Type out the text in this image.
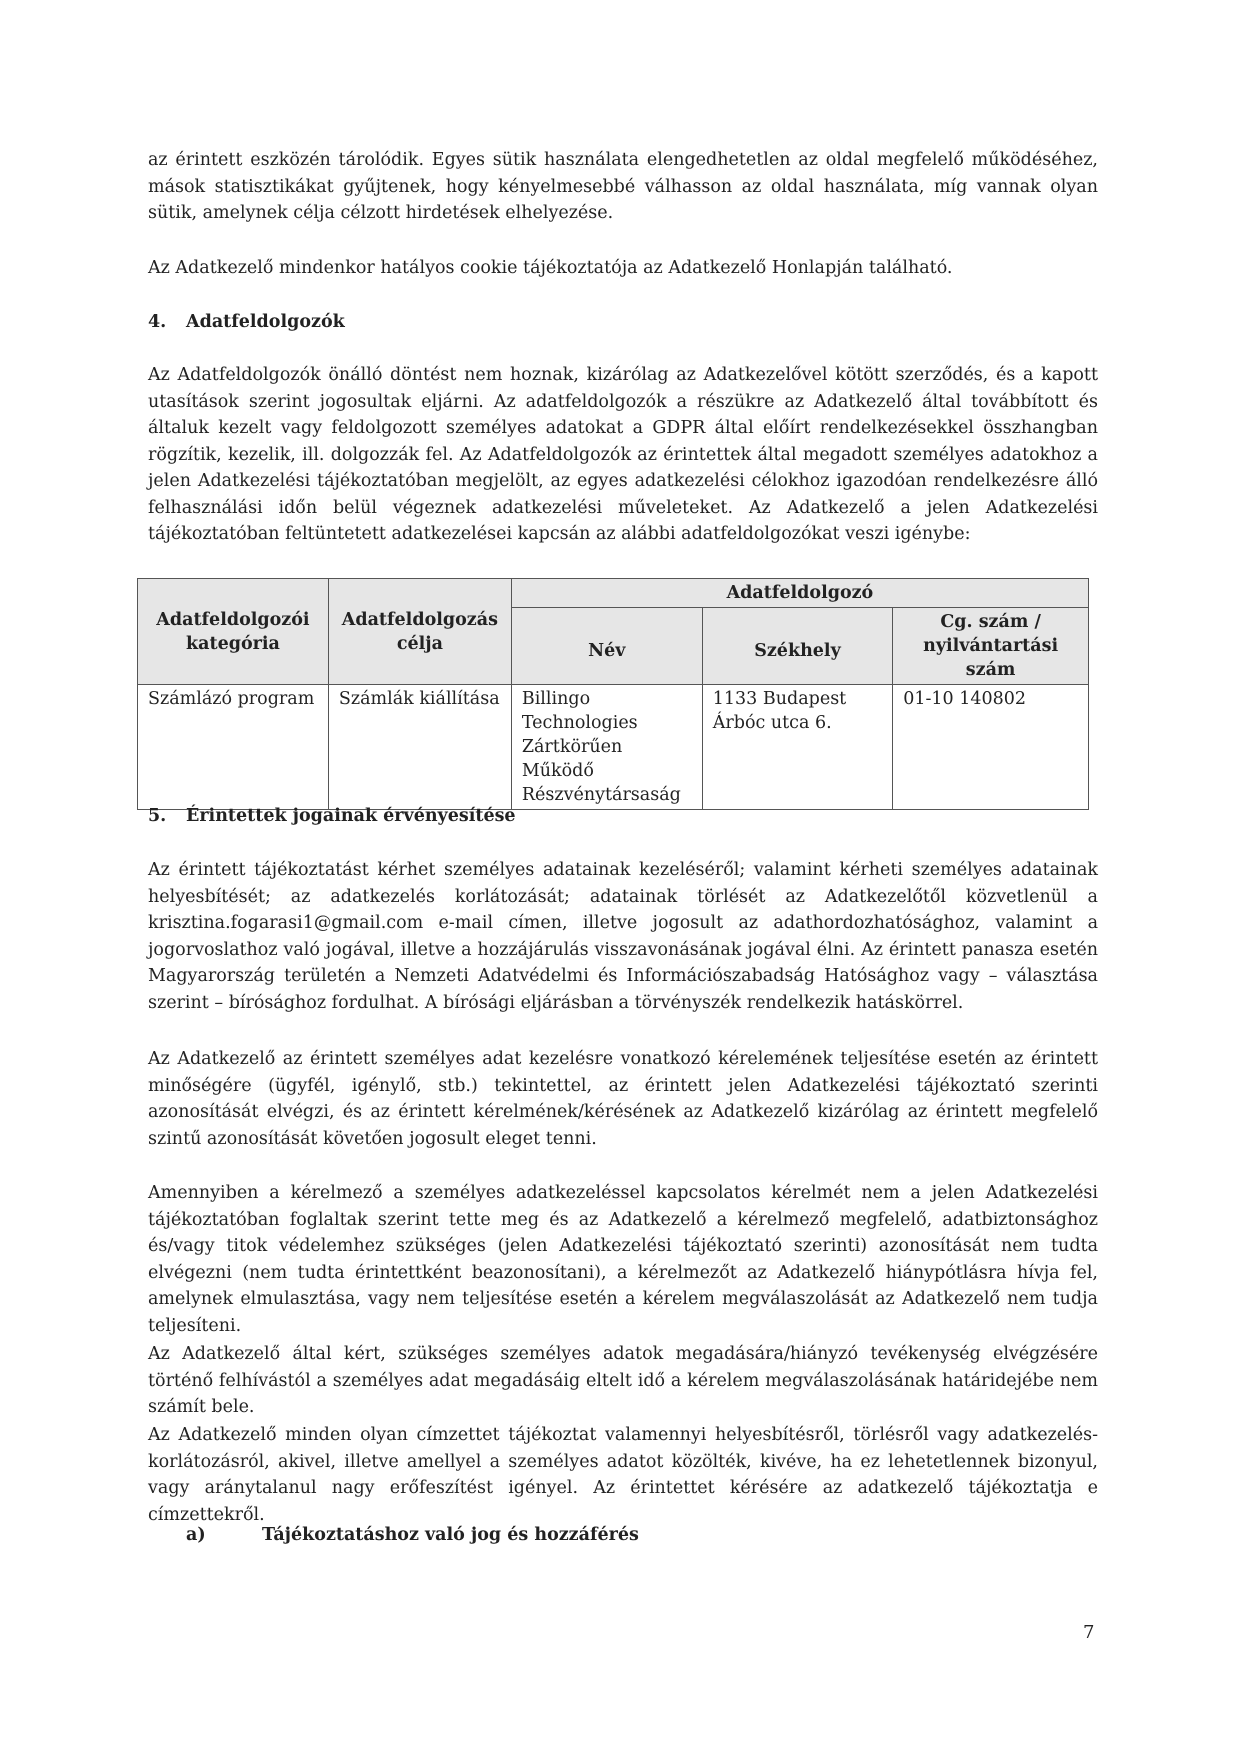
az érintett eszközén tárolódik. Egyes sütik használata elengedhetetlen az oldal megfelelő működéséhez, mások statisztikákat gyűjtenek, hogy kényelmesebbé válhasson az oldal használata, míg vannak olyan sütik, amelynek célja célzott hirdetések elhelyezése.

Az Adatkezelő mindenkor hatályos cookie tájékoztatója az Adatkezelő Honlapján található.

4.	Adatfeldolgozók

Az Adatfeldolgozók önálló döntést nem hoznak, kizárólag az Adatkezelővel kötött szerződés, és a kapott utasítások szerint jogosultak eljárni. Az adatfeldolgozók a részükre az Adatkezelő által továbbított és általuk kezelt vagy feldolgozott személyes adatokat a GDPR által előírt rendelkezésekkel összhangban rögzítik, kezelik, ill. dolgozzák fel. Az Adatfeldolgozók az érintettek által megadott személyes adatokhoz a jelen Adatkezelési tájékoztatóban megjelölt, az egyes adatkezelési célokhoz igazodóan rendelkezésre álló felhasználási időn belül végeznek adatkezelési műveleteket. Az Adatkezelő a jelen Adatkezelési tájékoztatóban feltüntetett adatkezelései kapcsán az alábbi adatfeldolgozókat veszi igénybe:

Adatfeldolgozói kategória	Adatfeldolgozás célja	Adatfeldolgozó		
		Név	Székhely	Cg. szám / nyilvántartási szám
Számlázó program	Számlák kiállítása	Billingo Technologies Zártkörűen Működő Részvénytársaság	1133 Budapest Árbóc utca 6.	01-10 140802
5.	Érintettek jogainak érvényesítése

Az érintett tájékoztatást kérhet személyes adatainak kezeléséről; valamint kérheti személyes adatainak helyesbítését; az adatkezelés korlátozását; adatainak törlését az Adatkezelőtől közvetlenül a krisztina.fogarasi1@gmail.com e-mail címen, illetve jogosult az adathordozhatósághoz, valamint a jogorvoslathoz való jogával, illetve a hozzájárulás visszavonásának jogával élni. Az érintett panasza esetén Magyarország területén a Nemzeti Adatvédelmi és Információszabadság Hatósághoz vagy – választása szerint – bírósághoz fordulhat. A bírósági eljárásban a törvényszék rendelkezik hatáskörrel.

Az Adatkezelő az érintett személyes adat kezelésre vonatkozó kérelemének teljesítése esetén az érintett minőségére (ügyfél, igénylő, stb.) tekintettel, az érintett jelen Adatkezelési tájékoztató szerinti azonosítását elvégzi, és az érintett kérelmének/kérésének az Adatkezelő kizárólag az érintett megfelelő szintű azonosítását követően jogosult eleget tenni.

Amennyiben a kérelmező a személyes adatkezeléssel kapcsolatos kérelmét nem a jelen Adatkezelési tájékoztatóban foglaltak szerint tette meg és az Adatkezelő a kérelmező megfelelő, adatbiztonsághoz és/vagy titok védelemhez szükséges (jelen Adatkezelési tájékoztató szerinti) azonosítását nem tudta elvégezni (nem tudta érintettként beazonosítani), a kérelmezőt az Adatkezelő hiánypótlásra hívja fel, amelynek elmulasztása, vagy nem teljesítése esetén a kérelem megválaszolását az Adatkezelő nem tudja teljesíteni.

Az Adatkezelő által kért, szükséges személyes adatok megadására/hiányzó tevékenység elvégzésére történő felhívástól a személyes adat megadásáig eltelt idő a kérelem megválaszolásának határidejébe nem számít bele.

Az Adatkezelő minden olyan címzettet tájékoztat valamennyi helyesbítésről, törlésről vagy adatkezelés-korlátozásról, akivel, illetve amellyel a személyes adatot közölték, kivéve, ha ez lehetetlennek bizonyul, vagy aránytalanul nagy erőfeszítést igényel. Az érintettet kérésére az adatkezelő tájékoztatja e címzettekről.

a)	Tájékoztatáshoz való jog és hozzáférés
7
